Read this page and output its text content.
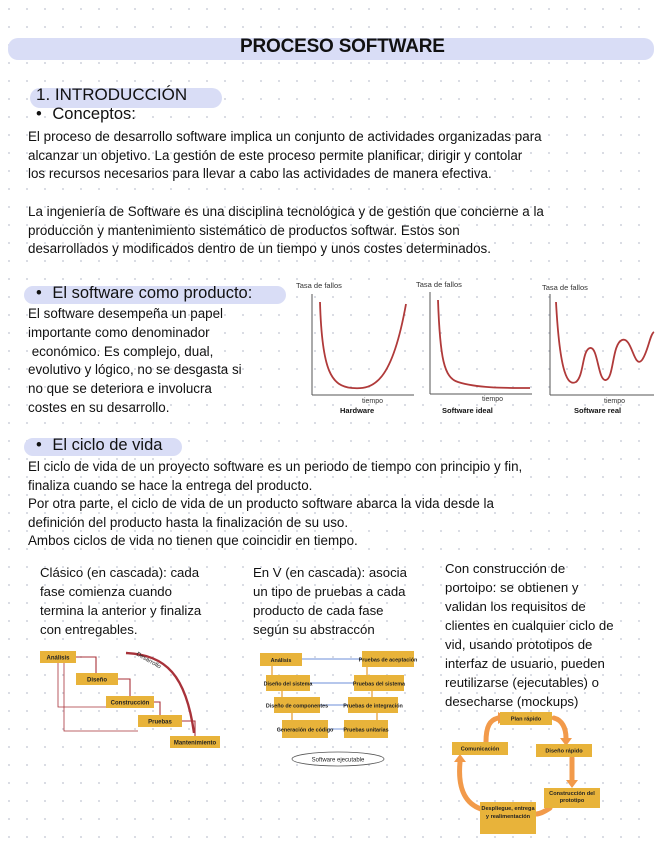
PROCESO SOFTWARE
1. INTRODUCCIÓN
• Conceptos:
El proceso de desarrollo software implica un conjunto de actividades organizadas para
alcanzar un objetivo. La gestión de este proceso permite planificar, dirigir y contolar
los recursos necesarios para llevar a cabo las actividades de manera efectiva.
La ingeniería de Software es una disciplina tecnológica y de gestión que concierne a la
producción y mantenimiento sistemático de productos softwar. Estos son
desarrollados y modificados dentro de un tiempo y unos costes determinados.
• El software como producto:
El software desempeña un papel
importante como denominador
económico. Es complejo, dual,
evolutivo y lógico, no se desgasta si
no que se deteriora e involucra
costes en su desarrollo.
Tasa de fallos
tiempo
Hardware
Tasa de fallos
tiempo
Software ideal
Tasa de fallos
tiempo
Software real
• El ciclo de vida
El ciclo de vida de un proyecto software es un periodo de tiempo con principio y fin,
finaliza cuando se hace la entrega del producto.
Por otra parte, el ciclo de vida de un producto software abarca la vida desde la
definición del producto hasta la finalización de su uso.
Ambos ciclos de vida no tienen que coincidir en tiempo.
Clásico (en cascada): cada
fase comienza cuando
termina la anterior y finaliza
con entregables.
Análisis
Diseño
Construcción
Pruebas
Mantenimiento
Desarrollo
En V (en cascada): asocia
un tipo de pruebas a cada
producto de cada fase
según su abstraccón
Análisis
Diseño del sistema
Diseño de componentes
Generación de código
Pruebas de aceptación
Pruebas del sistema
Pruebas de integración
Pruebas unitarias
Software ejecutable
Con construcción de
portoipo: se obtienen y
validan los requisitos de
clientes en cualquier ciclo de
vid, usando prototipos de
interfaz de usuario, pueden
reutilizarse (ejecutables) o
desecharse (mockups)
Plan rápido
Comunicación	Diseño rápido
Construcción del prototipo
Despliegue, entrega y realimentación
